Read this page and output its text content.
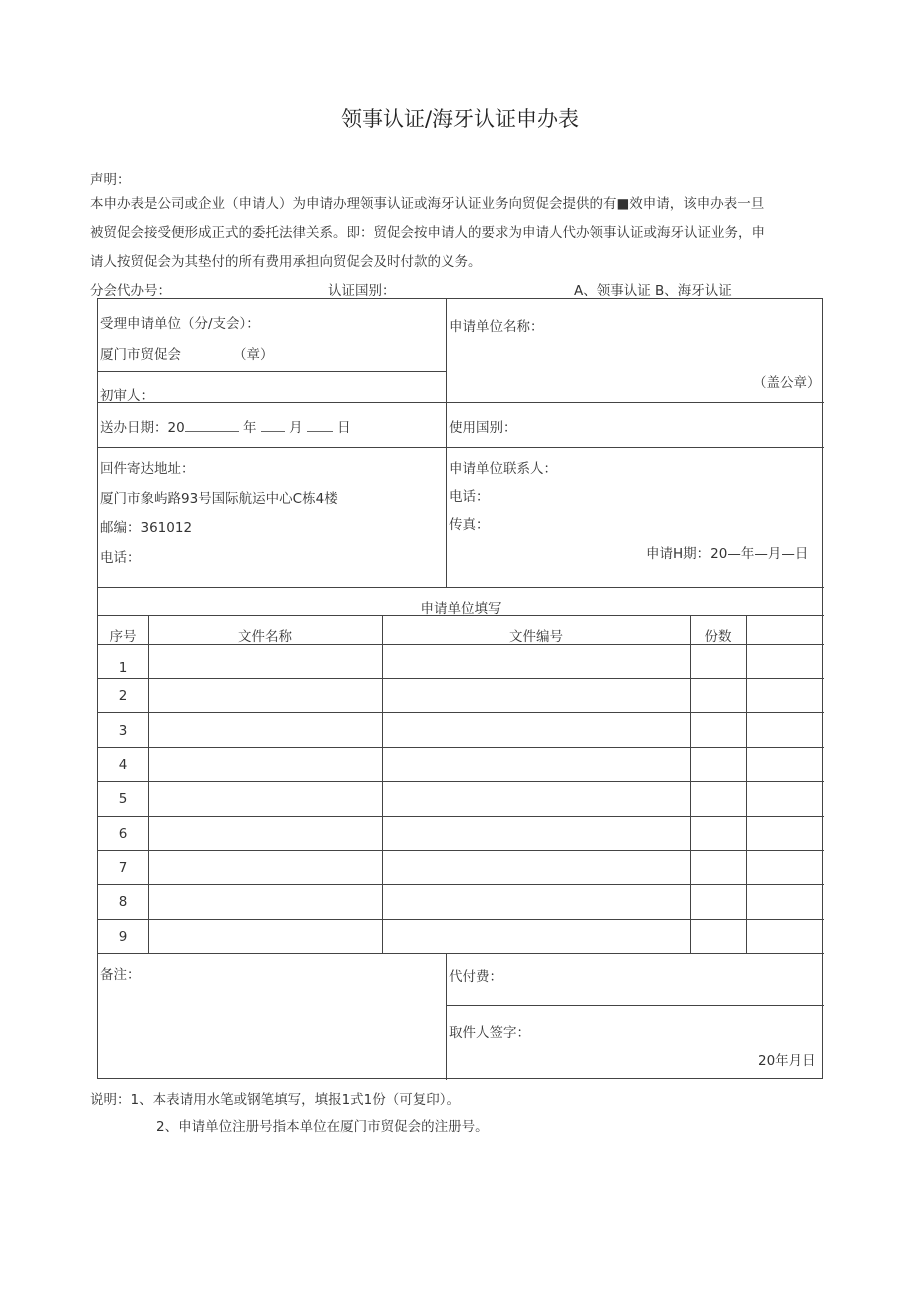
领事认证/海牙认证申办表
声明：
本申办表是公司或企业（申请人）为申请办理领事认证或海牙认证业务向贸促会提供的有■效申请，该申办表一旦
被贸促会接受便形成正式的委托法律关系。即：贸促会按申请人的要求为申请人代办领事认证或海牙认证业务，申
请人按贸促会为其垫付的所有费用承担向贸促会及时付款的义务。
分会代办号：	认证国别：	A、领事认证 B、海牙认证
受理申请单位（分/支会）：
厦门市贸促会	（章）
初审人：
申请单位名称：
（盖公章）
送办日期：20	年 月	日	使用国别：
回件寄达地址：
厦门市象屿路93号国际航运中心C栋4楼
邮编：361012
电话：
申请单位联系人：
电话：
传真：
申请H期：20—年—月—日
申请单位填写
序号	文件名称	文件编号	份数
1
2
3
4
5
6
7
8
9
备注：	代付费：
取件人签字：
20年月日
说明：1、本表请用水笔或钢笔填写，填报1式1份（可复印）。
2、申请单位注册号指本单位在厦门市贸促会的注册号。
